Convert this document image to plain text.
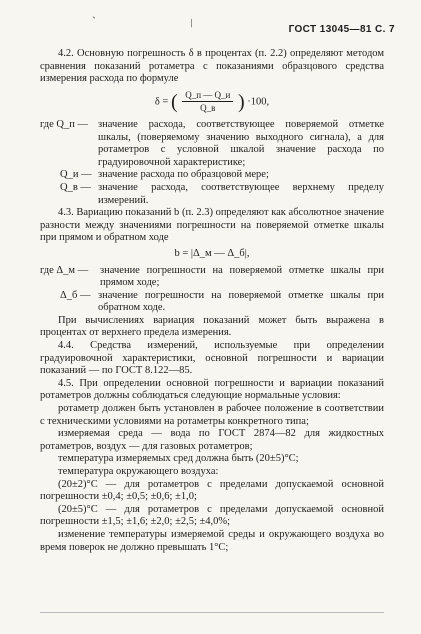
ˋ	/	ГОСТ 13045—81 С. 7

4.2. Основную погрешность δ в процентах (п. 2.2) определяют методом сравнения показаний ротаметра с показаниями образцового средства измерения расхода по формуле

δ = ( $\frac{Q\_п — Q\_и}{Q\_в}$ ) ·100,
где Q_п — значение расхода, соответствующее поверяемой отметке шкалы, (поверяемому значению выходного сигнала), а для ротаметров с условной шкалой значение расхода по градуировочной характеристике;
Q_и — значение расхода по образцовой мере;
Q_в — значение расхода, соответствующее верхнему пределу измерений.

4.3. Вариацию показаний b (п. 2.3) определяют как абсолютное значение разности между значениями погрешности на поверяемой отметке шкалы при прямом и обратном ходе

b = |Δ_м — Δ_б|,
где Δ_м —	значение погрешности на поверяемой отметке шкалы при прямом ходе;
Δ_б — значение погрешности на поверяемой отметке шкалы при обратном ходе.

При вычислениях вариация показаний может быть выражена в процентах от верхнего предела измерения.

4.4. Средства измерений, используемые при определении градуировочной характеристики, основной погрешности и вариации показаний — по ГОСТ 8.122—85.

4.5. При определении основной погрешности и вариации показаний ротаметров должны соблюдаться следующие нормальные условия:

ротаметр должен быть установлен в рабочее положение в соответствии с техническими условиями на ротаметры конкретного типа;

измеряемая среда — вода по ГОСТ 2874—82 для жидкостных ротаметров, воздух — для газовых ротаметров;

температура измеряемых сред должна быть (20±5)°С;

температура окружающего воздуха:

(20±2)°С — для ротаметров с пределами допускаемой основной погрешности ±0,4; ±0,5; ±0,6; ±1,0;

(20±5)°С — для ротаметров с пределами допускаемой основной погрешности ±1,5; ±1,6; ±2,0; ±2,5; ±4,0%;

изменение температуры измеряемой среды и окружающего воздуха во время поверок не должно превышать 1°С;
